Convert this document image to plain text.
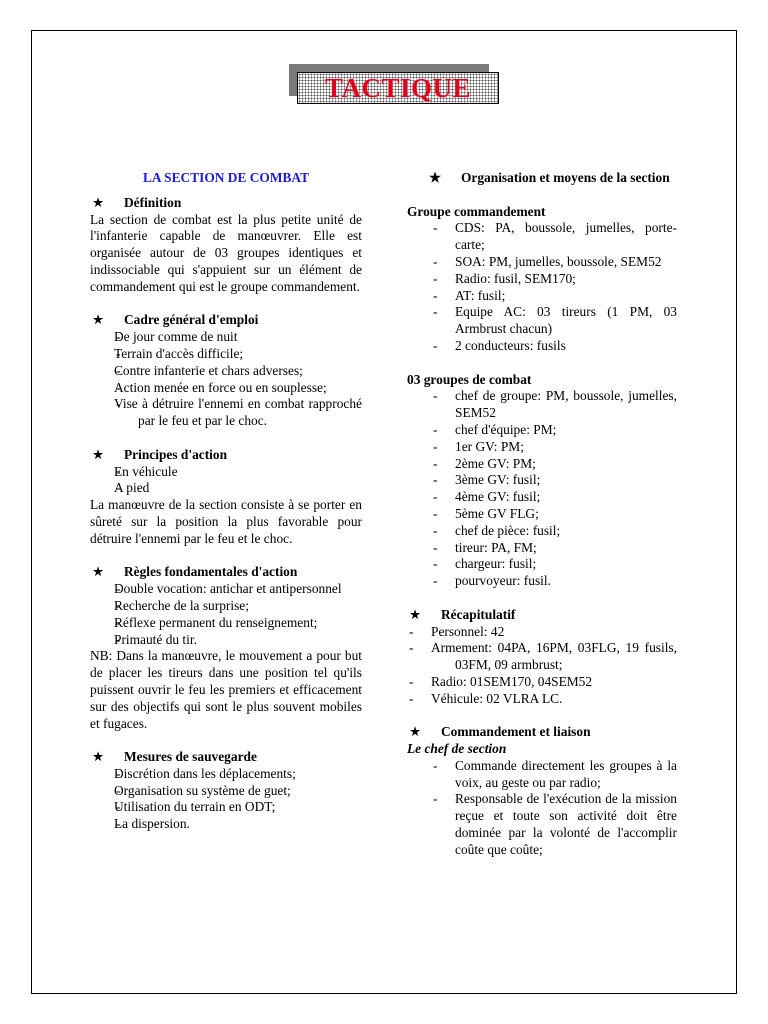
TACTIQUE
LA SECTION DE COMBAT
★	Définition
La section de combat est la plus petite unité de l'infanterie capable de manœuvrer. Elle est organisée autour de 03 groupes identiques et indissociable qui s'appuient sur un élément de commandement qui est le groupe commandement.
★	Cadre général d'emploi
- De jour comme de nuit
- Terrain d'accès difficile;
- Contre infanterie et chars adverses;
- Action menée en force ou en souplesse;
- Vise à détruire l'ennemi en combat rapproché par le feu et par le choc.
★	Principes d'action
- En véhicule
- A pied
La manœuvre de la section consiste à se porter en sûreté sur la position la plus favorable pour détruire l'ennemi par le feu et le choc.
★	Règles fondamentales d'action
- Double vocation: antichar et antipersonnel
- Recherche de la surprise;
- Réflexe permanent du renseignement;
- Primauté du tir.
NB: Dans la manœuvre, le mouvement a pour but de placer les tireurs dans une position tel qu'ils puissent ouvrir le feu les premiers et efficacement sur des objectifs qui sont le plus souvent mobiles et fugaces.
★	Mesures de sauvegarde
- Discrétion dans les déplacements;
- Organisation su système de guet;
- Utilisation du terrain en ODT;
- La dispersion.
★ Organisation et moyens de la section
Groupe commandement
- CDS: PA, boussole, jumelles, porte-carte;
- SOA: PM, jumelles, boussole, SEM52
- Radio: fusil, SEM170;
- AT: fusil;
- Equipe AC: 03 tireurs (1 PM, 03 Armbrust chacun)
- 2 conducteurs: fusils
03 groupes de combat
- chef de groupe: PM, boussole, jumelles, SEM52
- chef d'équipe: PM;
- 1er GV: PM;
- 2ème GV: PM;
- 3ème GV: fusil;
- 4ème GV: fusil;
- 5ème GV FLG;
- chef de pièce: fusil;
- tireur: PA, FM;
- chargeur: fusil;
- pourvoyeur: fusil.
★	Récapitulatif
- Personnel: 42
- Armement: 04PA, 16PM, 03FLG, 19 fusils, 03FM, 09 armbrust;
- Radio: 01SEM170, 04SEM52
- Véhicule: 02 VLRA LC.
★	Commandement et liaison
Le chef de section
- Commande directement les groupes à la voix, au geste ou par radio;
- Responsable de l'exécution de la mission reçue et toute son activité doit être dominée par la volonté de l'accomplir coûte que coûte;
